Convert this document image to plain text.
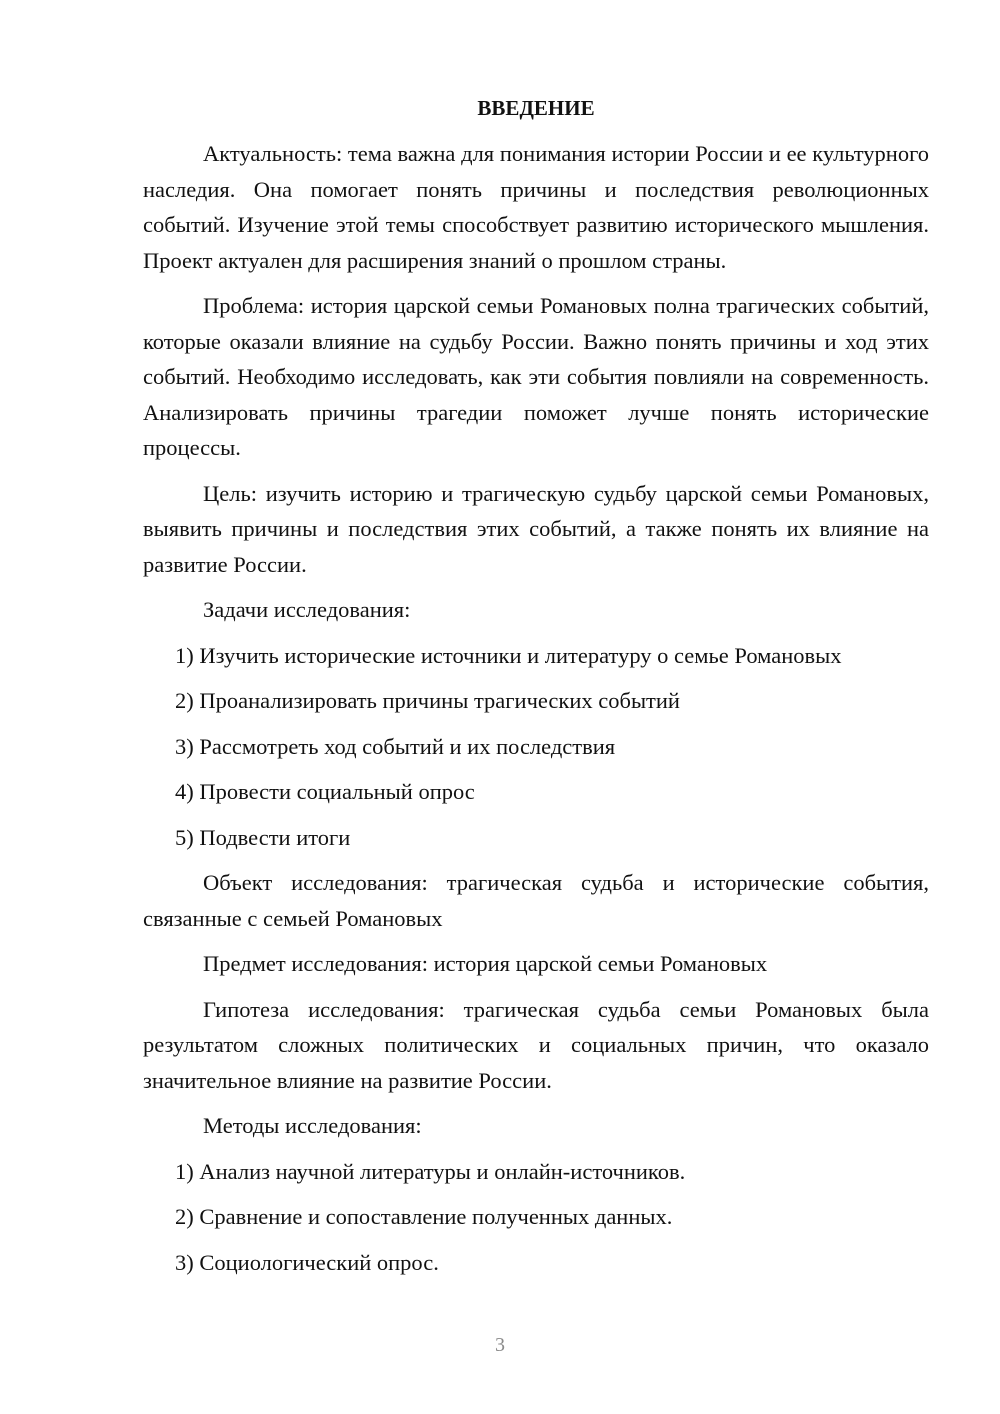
ВВЕДЕНИЕ

Актуальность: тема важна для понимания истории России и ее культурного наследия. Она помогает понять причины и последствия революционных событий. Изучение этой темы способствует развитию исторического мышления. Проект актуален для расширения знаний о прошлом страны.

Проблема: история царской семьи Романовых полна трагических событий, которые оказали влияние на судьбу России. Важно понять причины и ход этих событий. Необходимо исследовать, как эти события повлияли на современность. Анализировать причины трагедии поможет лучше понять исторические процессы.

Цель: изучить историю и трагическую судьбу царской семьи Романовых, выявить причины и последствия этих событий, а также понять их влияние на развитие России.

Задачи исследования:

1) Изучить исторические источники и литературу о семье Романовых
2) Проанализировать причины трагических событий
3) Рассмотреть ход событий и их последствия
4) Провести социальный опрос
5) Подвести итоги

Объект исследования: трагическая судьба и исторические события, связанные с семьей Романовых

Предмет исследования: история царской семьи Романовых

Гипотеза исследования: трагическая судьба семьи Романовых была результатом сложных политических и социальных причин, что оказало значительное влияние на развитие России.

Методы исследования:

1) Анализ научной литературы и онлайн-источников.
2) Сравнение и сопоставление полученных данных.
3) Социологический опрос.
3
